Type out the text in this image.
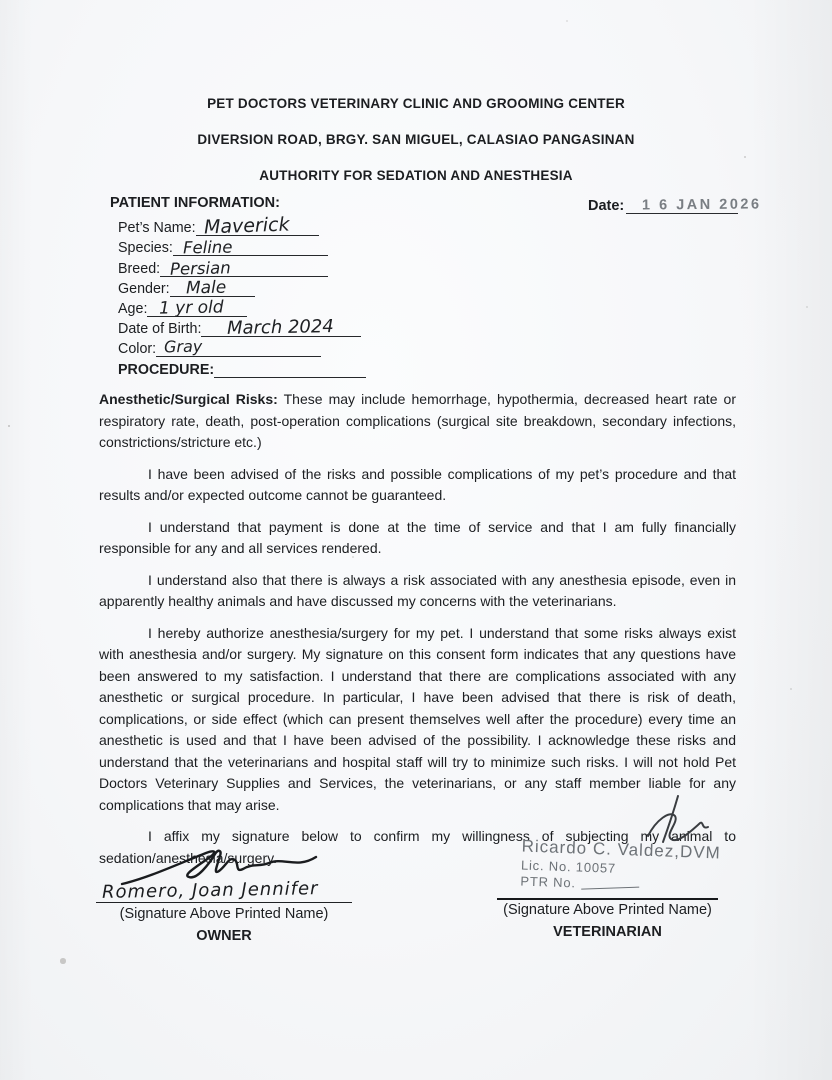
PET DOCTORS VETERINARY CLINIC AND GROOMING CENTER
DIVERSION ROAD, BRGY. SAN MIGUEL, CALASIAO PANGASINAN
AUTHORITY FOR SEDATION AND ANESTHESIA
Date: 1 6 JAN 2026
PATIENT INFORMATION:
Pet’s Name: Maverick
Species: Feline
Breed: Persian
Gender: Male
Age: 1 yr old
Date of Birth: March 2024
Color: Gray
PROCEDURE:

Anesthetic/Surgical Risks: These may include hemorrhage, hypothermia, decreased heart rate or respiratory rate, death, post-operation complications (surgical site breakdown, secondary infections, constrictions/stricture etc.)

I have been advised of the risks and possible complications of my pet’s procedure and that results and/or expected outcome cannot be guaranteed.

I understand that payment is done at the time of service and that I am fully financially responsible for any and all services rendered.

I understand also that there is always a risk associated with any anesthesia episode, even in apparently healthy animals and have discussed my concerns with the veterinarians.

I hereby authorize anesthesia/surgery for my pet. I understand that some risks always exist with anesthesia and/or surgery. My signature on this consent form indicates that any questions have been answered to my satisfaction. I understand that there are complications associated with any anesthetic or surgical procedure. In particular, I have been advised that there is risk of death, complications, or side effect (which can present themselves well after the procedure) every time an anesthetic is used and that I have been advised of the possibility. I acknowledge these risks and understand that the veterinarians and hospital staff will try to minimize such risks. I will not hold Pet Doctors Veterinary Supplies and Services, the veterinarians, or any staff member liable for any complications that may arise.

I affix my signature below to confirm my willingness of subjecting my animal to sedation/anesthesia/surgery.

Romero, Joan Jennifer
(Signature Above Printed Name)
OWNER
Ricardo C. Valdez,DVM
Lic. No. 10057
PTR No.
(Signature Above Printed Name)
VETERINARIAN
